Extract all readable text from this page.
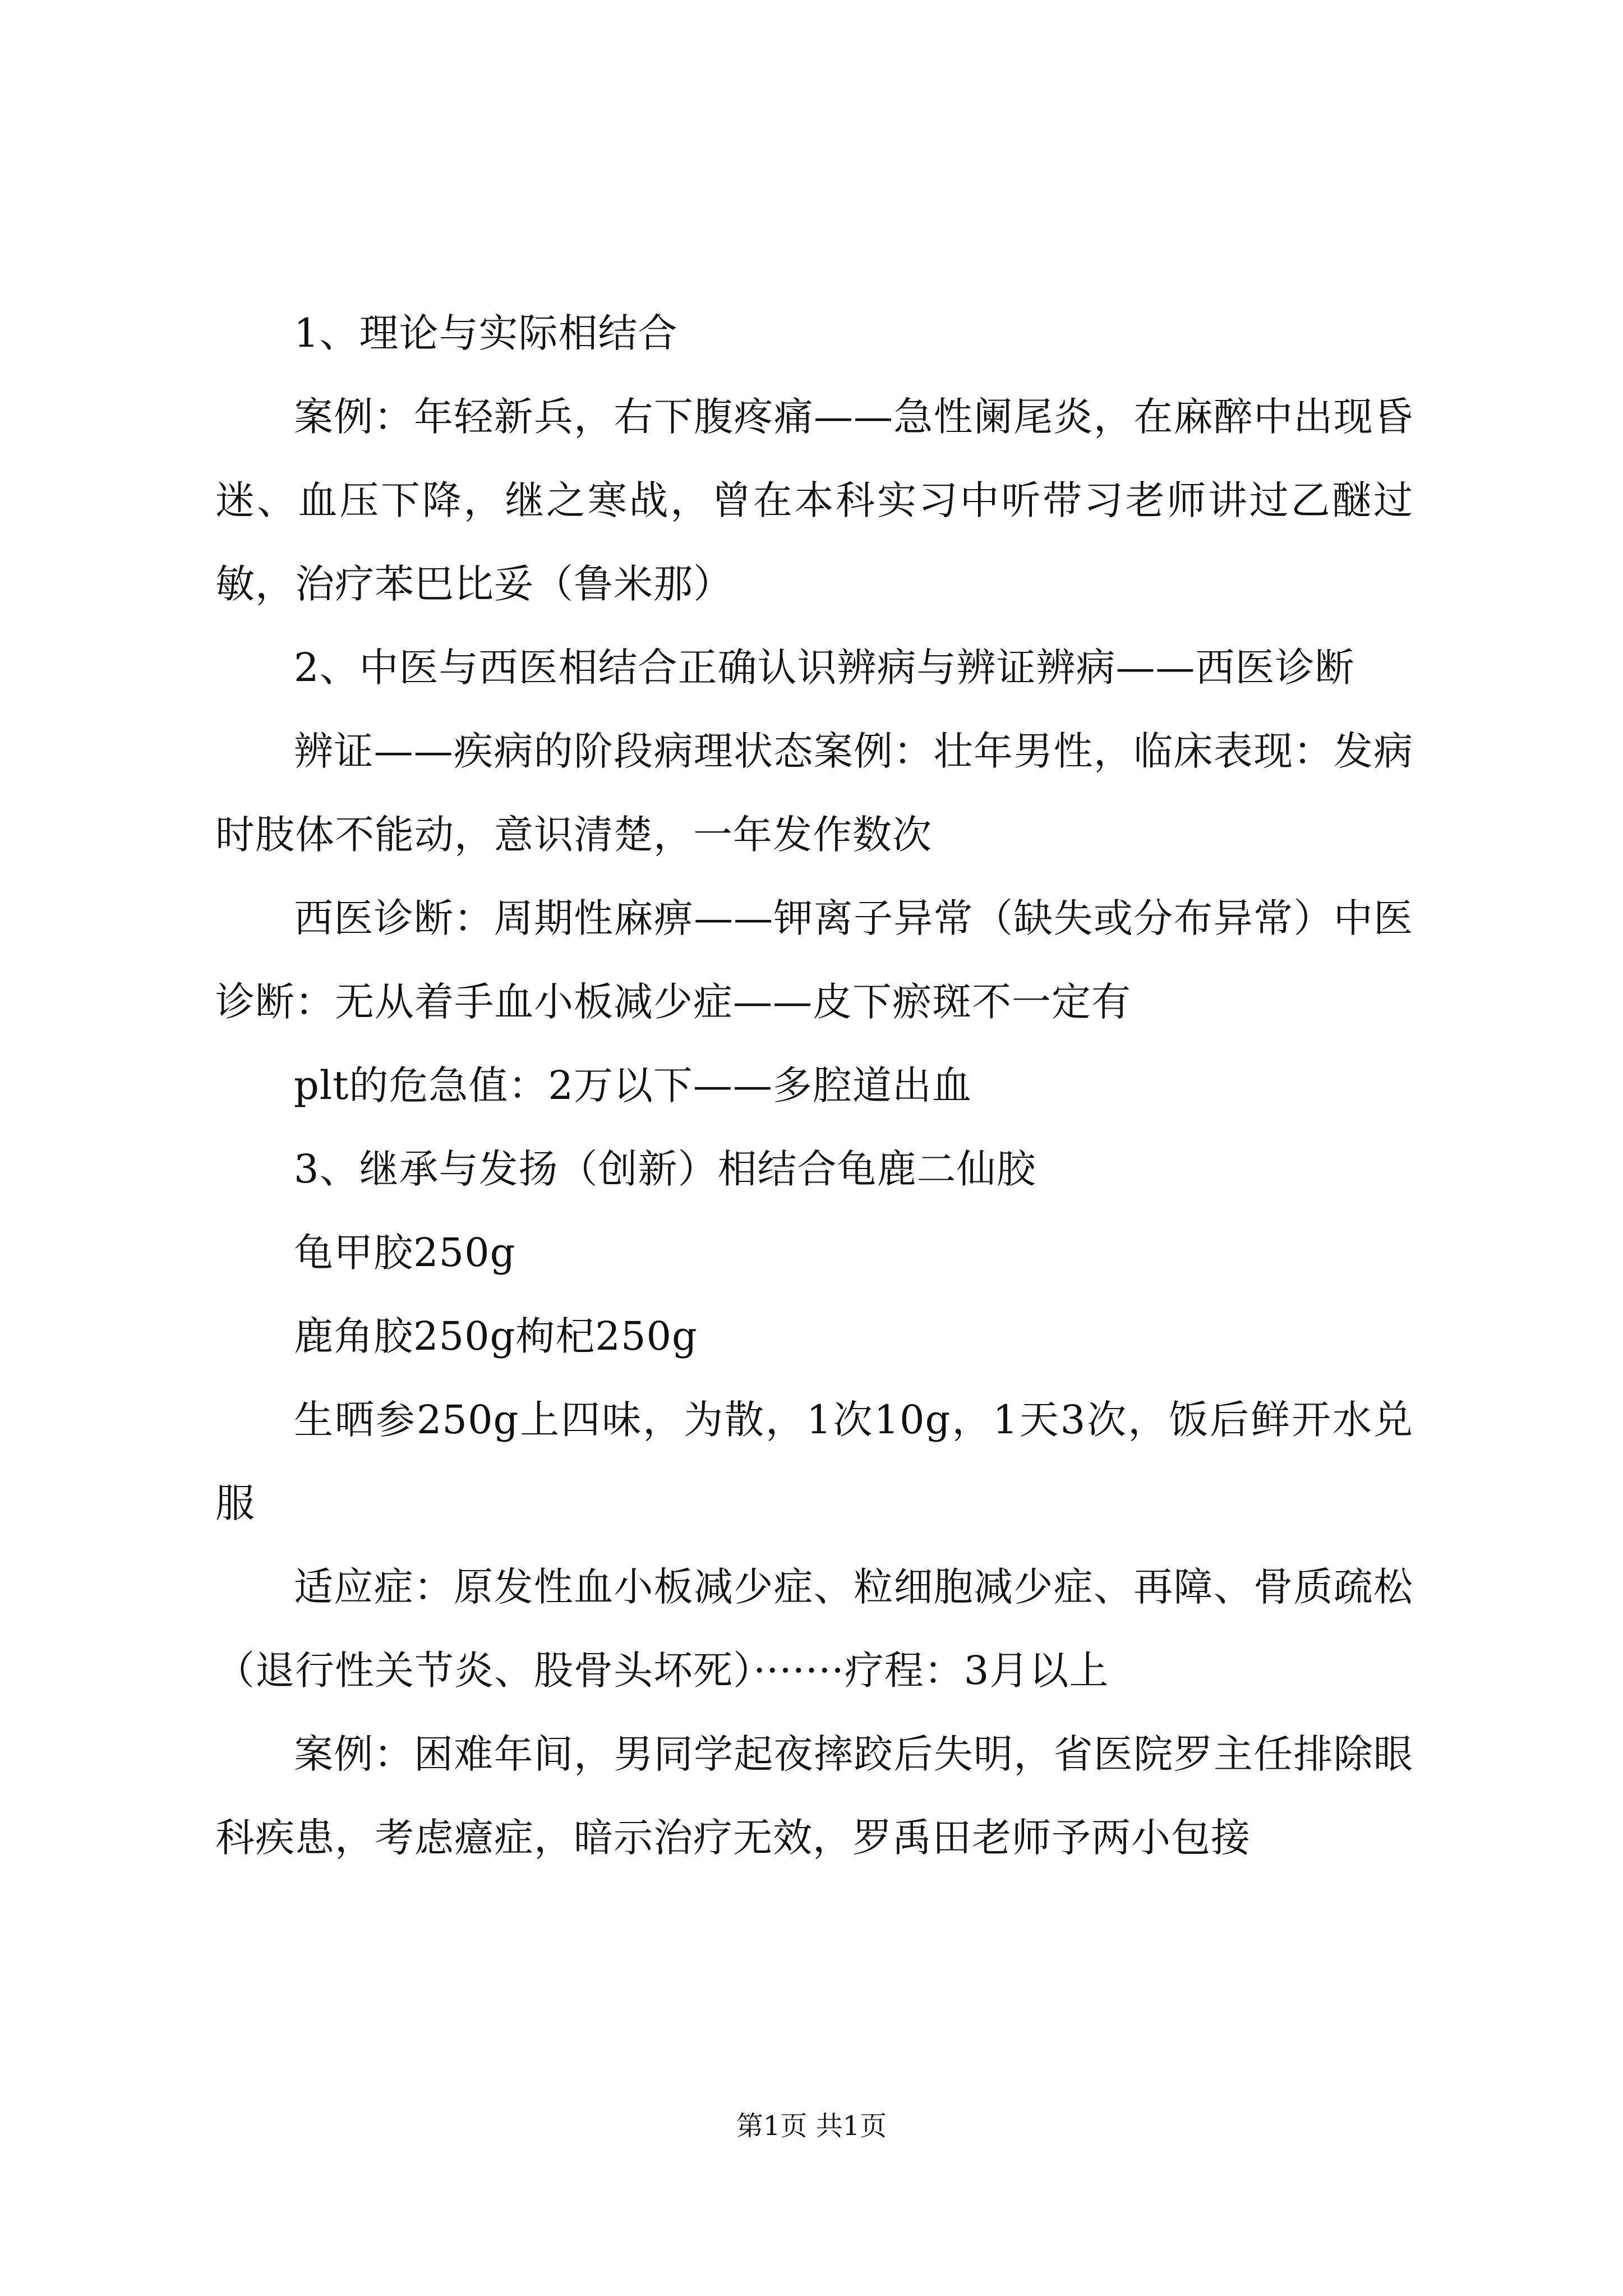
1、理论与实际相结合

案例：年轻新兵，右下腹疼痛——急性阑尾炎，在麻醉中出现昏迷、血压下降，继之寒战，曾在本科实习中听带习老师讲过乙醚过敏，治疗苯巴比妥（鲁米那）

2、中医与西医相结合正确认识辨病与辨证辨病——西医诊断

辨证——疾病的阶段病理状态案例：壮年男性，临床表现：发病时肢体不能动，意识清楚，一年发作数次

西医诊断：周期性麻痹——钾离子异常（缺失或分布异常）中医诊断：无从着手血小板减少症——皮下瘀斑不一定有

plt的危急值：2万以下——多腔道出血

3、继承与发扬（创新）相结合龟鹿二仙胶

龟甲胶250g

鹿角胶250g枸杞250g

生晒参250g上四味，为散，1次10g，1天3次，饭后鲜开水兑服

适应症：原发性血小板减少症、粒细胞减少症、再障、骨质疏松（退行性关节炎、股骨头坏死）·······疗程：3月以上

案例：困难年间，男同学起夜摔跤后失明，省医院罗主任排除眼科疾患，考虑癔症，暗示治疗无效，罗禹田老师予两小包接

第1页 共1页
